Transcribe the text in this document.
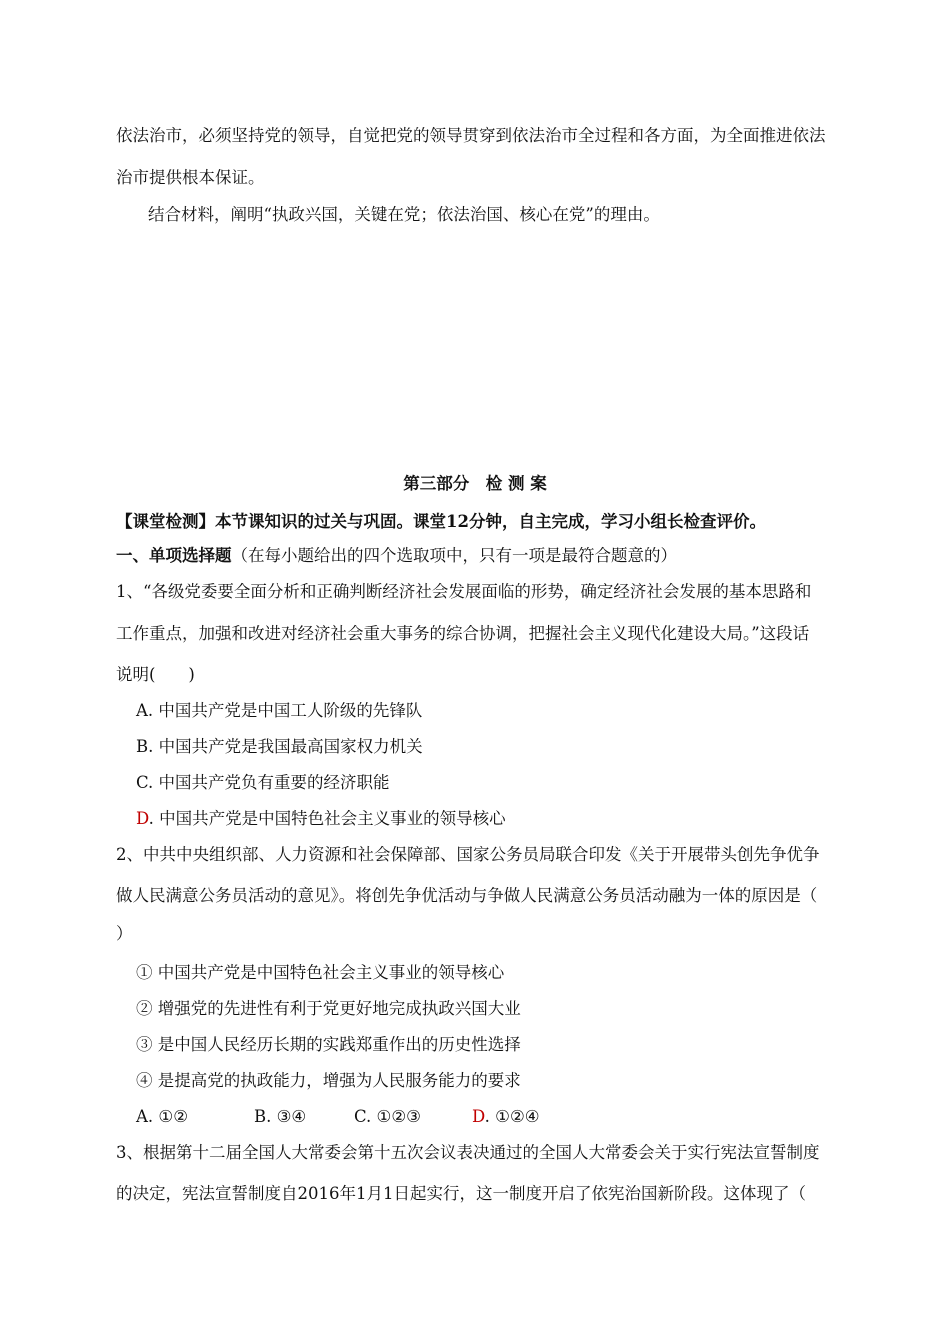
依法治市，必须坚持党的领导，自觉把党的领导贯穿到依法治市全过程和各方面，为全面推进依法
治市提供根本保证。
结合材料，阐明“执政兴国，关键在党；依法治国、核心在党”的理由。
第三部分　检 测 案
【课堂检测】本节课知识的过关与巩固。课堂12分钟，自主完成，学习小组长检查评价。
一、单项选择题（在每小题给出的四个选取项中，只有一项是最符合题意的）
1、“各级党委要全面分析和正确判断经济社会发展面临的形势，确定经济社会发展的基本思路和
工作重点，加强和改进对经济社会重大事务的综合协调，把握社会主义现代化建设大局。”这段话
说明(　　)
A. 中国共产党是中国工人阶级的先锋队
B. 中国共产党是我国最高国家权力机关
C. 中国共产党负有重要的经济职能
D. 中国共产党是中国特色社会主义事业的领导核心
2、中共中央组织部、人力资源和社会保障部、国家公务员局联合印发《关于开展带头创先争优争
做人民满意公务员活动的意见》。将创先争优活动与争做人民满意公务员活动融为一体的原因是（
）
① 中国共产党是中国特色社会主义事业的领导核心
② 增强党的先进性有利于党更好地完成执政兴国大业
③ 是中国人民经历长期的实践郑重作出的历史性选择
④ 是提高党的执政能力，增强为人民服务能力的要求
A. ①②	B. ③④	C. ①②③	D. ①②④
3、根据第十二届全国人大常委会第十五次会议表决通过的全国人大常委会关于实行宪法宣誓制度
的决定，宪法宣誓制度自2016年1月1日起实行，这一制度开启了依宪治国新阶段。这体现了（
